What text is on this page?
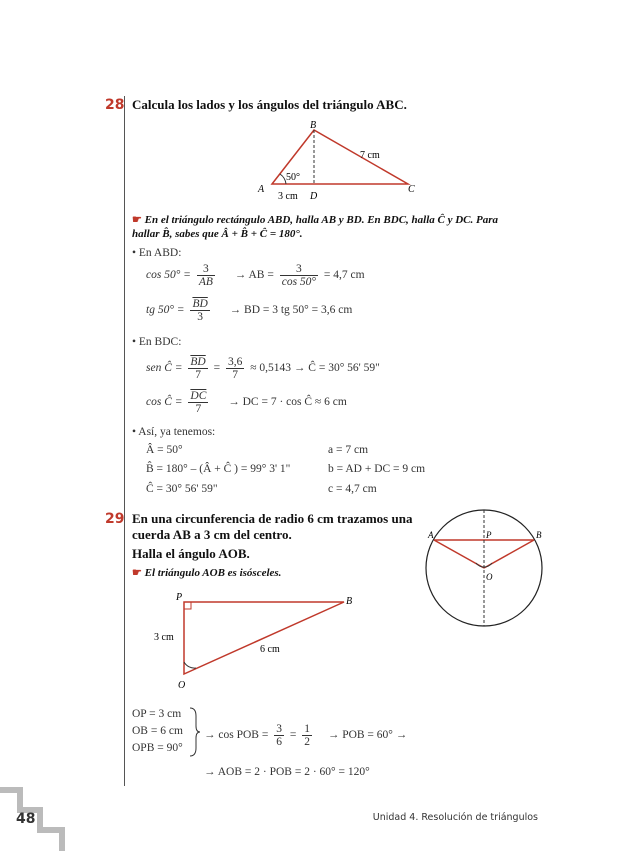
28 Calcula los lados y los ángulos del triángulo ABC.
B
A	C
D
7 cm
3 cm
50°
☛ En el triángulo rectángulo ABD, halla AB y BD. En BDC, halla Ĉ y DC. Para
hallar B̂, sabes que Â + B̂ + Ĉ = 180°.
• En ABD:
$\cos 50^\circ = \frac{3}{AB}$ → AB = $\frac{3}{\cos 50^\circ} = 4,7$ cm
tg $50^\circ = \frac{\overline{BD}}{3}$ → BD = 3 tg 50° = 3,6 cm
• En BDC:
sen Ĉ = $\frac{\overline{BD}}{7} = \frac{3,6}{7} \approx 0,5143$ → Ĉ = 30° 56' 59"
cos Ĉ = $\frac{\overline{DC}}{7}$ → DC = 7 · cos Ĉ ≈ 6 cm
• Así, ya tenemos:
Â = 50°	a = 7 cm
B̂ = 180° – (Â + Ĉ ) = 99° 3' 1"	b = AD + DC = 9 cm
Ĉ = 30° 56' 59"	c = 4,7 cm
29 En una circunferencia de radio 6 cm trazamos una
cuerda AB a 3 cm del centro.
Halla el ángulo AOB.
☛ El triángulo AOB es isósceles.
A	P	B
O
P	B
O
3 cm
6 cm
OP = 3 cm
OB = 6 cm
OPB = 90°
→ cos POB = $\frac{3}{6} = \frac{1}{2}$ → POB = 60° →
→ AOB = 2 · POB = 2 · 60° = 120°
Unidad 4. Resolución de triángulos
48
